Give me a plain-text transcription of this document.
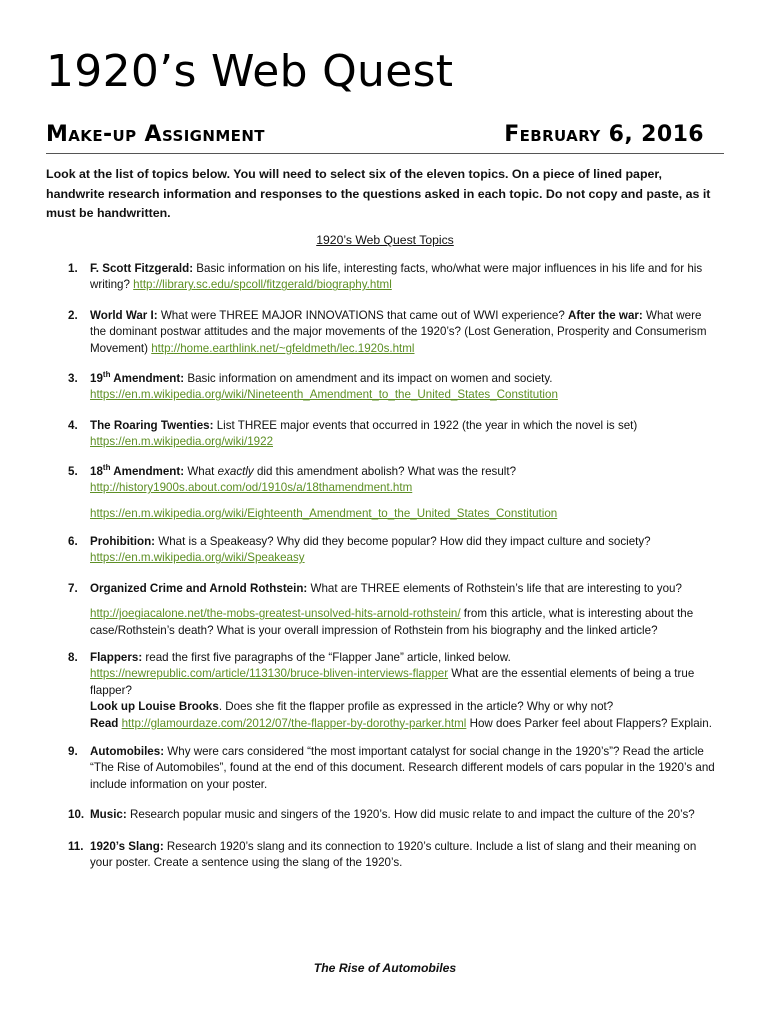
1920’s Web Quest
Make-up Assignment	February 6, 2016
Look at the list of topics below. You will need to select six of the eleven topics. On a piece of lined paper, handwrite research information and responses to the questions asked in each topic. Do not copy and paste, as it must be handwritten.
1920’s Web Quest Topics
1. F. Scott Fitzgerald: Basic information on his life, interesting facts, who/what were major influences in his life and for his writing? http://library.sc.edu/spcoll/fitzgerald/biography.html
2. World War I: What were THREE MAJOR INNOVATIONS that came out of WWI experience? After the war: What were the dominant postwar attitudes and the major movements of the 1920’s? (Lost Generation, Prosperity and Consumerism Movement) http://home.earthlink.net/~gfeldmeth/lec.1920s.html
3. 19th Amendment: Basic information on amendment and its impact on women and society.
https://en.m.wikipedia.org/wiki/Nineteenth_Amendment_to_the_United_States_Constitution
4. The Roaring Twenties: List THREE major events that occurred in 1922 (the year in which the novel is set)
https://en.m.wikipedia.org/wiki/1922
5. 18th Amendment: What exactly did this amendment abolish? What was the result?
http://history1900s.about.com/od/1910s/a/18thamendment.htm
https://en.m.wikipedia.org/wiki/Eighteenth_Amendment_to_the_United_States_Constitution
6. Prohibition: What is a Speakeasy? Why did they become popular? How did they impact culture and society?
https://en.m.wikipedia.org/wiki/Speakeasy
7. Organized Crime and Arnold Rothstein: What are THREE elements of Rothstein’s life that are interesting to you?
http://joegiacalone.net/the-mobs-greatest-unsolved-hits-arnold-rothstein/ from this article, what is interesting about the case/Rothstein’s death? What is your overall impression of Rothstein from his biography and the linked article?
8. Flappers: read the first five paragraphs of the “Flapper Jane” article, linked below.
https://newrepublic.com/article/113130/bruce-bliven-interviews-flapper What are the essential elements of being a true flapper?
Look up Louise Brooks. Does she fit the flapper profile as expressed in the article? Why or why not?
Read http://glamourdaze.com/2012/07/the-flapper-by-dorothy-parker.html How does Parker feel about Flappers? Explain.
9. Automobiles: Why were cars considered “the most important catalyst for social change in the 1920’s”? Read the article “The Rise of Automobiles”, found at the end of this document. Research different models of cars popular in the 1920’s and include information on your poster.
10. Music: Research popular music and singers of the 1920’s. How did music relate to and impact the culture of the 20’s?
11. 1920’s Slang: Research 1920’s slang and its connection to 1920’s culture. Include a list of slang and their meaning on your poster. Create a sentence using the slang of the 1920’s.
The Rise of Automobiles
